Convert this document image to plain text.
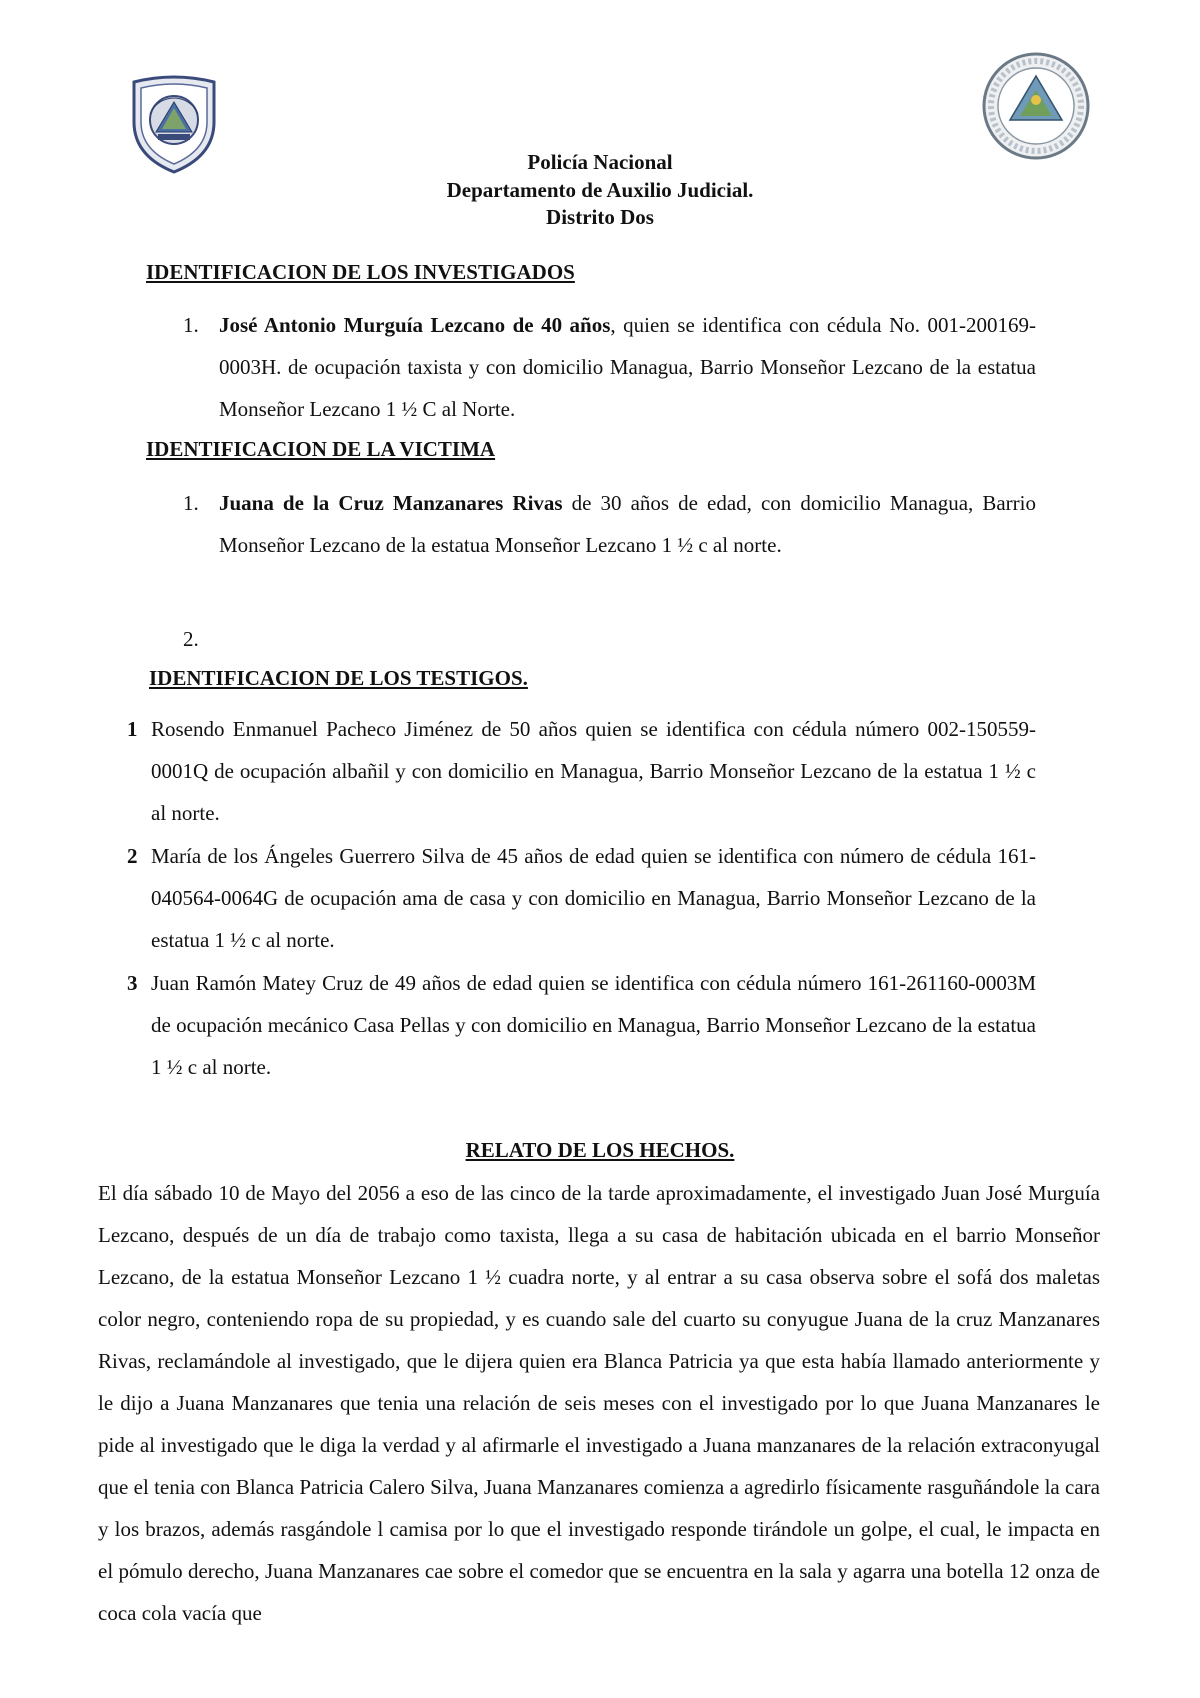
Policía Nacional
Departamento de Auxilio Judicial.
Distrito Dos
IDENTIFICACION DE LOS INVESTIGADOS
1. José Antonio Murguía Lezcano de 40 años, quien se identifica con cédula No. 001-200169-0003H. de ocupación taxista y con domicilio Managua, Barrio Monseñor Lezcano de la estatua Monseñor Lezcano 1 ½ C al Norte.
IDENTIFICACION DE LA VICTIMA
1. Juana de la Cruz Manzanares Rivas de 30 años de edad, con domicilio Managua, Barrio Monseñor Lezcano de la estatua Monseñor Lezcano 1 ½ c al norte.
2.
IDENTIFICACION DE LOS TESTIGOS.
1 Rosendo Enmanuel Pacheco Jiménez de 50 años quien se identifica con cédula número 002-150559-0001Q de ocupación albañil y con domicilio en Managua, Barrio Monseñor Lezcano de la estatua 1 ½ c al norte.
2 María de los Ángeles Guerrero Silva de 45 años de edad quien se identifica con número de cédula 161-040564-0064G de ocupación ama de casa y con domicilio en Managua, Barrio Monseñor Lezcano de la estatua 1 ½ c al norte.
3 Juan Ramón Matey Cruz de 49 años de edad quien se identifica con cédula número 161-261160-0003M de ocupación mecánico Casa Pellas y con domicilio en Managua, Barrio Monseñor Lezcano de la estatua 1 ½ c al norte.
RELATO DE LOS HECHOS.
El día sábado 10 de Mayo del 2056 a eso de las cinco de la tarde aproximadamente, el investigado Juan José Murguía Lezcano, después de un día de trabajo como taxista, llega a su casa de habitación ubicada en el barrio Monseñor Lezcano, de la estatua Monseñor Lezcano 1 ½ cuadra norte, y al entrar a su casa observa sobre el sofá dos maletas color negro, conteniendo ropa de su propiedad, y es cuando sale del cuarto su conyugue Juana de la cruz Manzanares Rivas, reclamándole al investigado, que le dijera quien era Blanca Patricia ya que esta había llamado anteriormente y le dijo a Juana Manzanares que tenia una relación de seis meses con el investigado por lo que Juana Manzanares le pide al investigado que le diga la verdad y al afirmarle el investigado a Juana manzanares de la relación extraconyugal que el tenia con Blanca Patricia Calero Silva, Juana Manzanares comienza a agredirlo físicamente rasguñándole la cara y los brazos, además rasgándole l camisa por lo que el investigado responde tirándole un golpe, el cual, le impacta en el pómulo derecho, Juana Manzanares cae sobre el comedor que se encuentra en la sala y agarra una botella 12 onza de coca cola vacía que
